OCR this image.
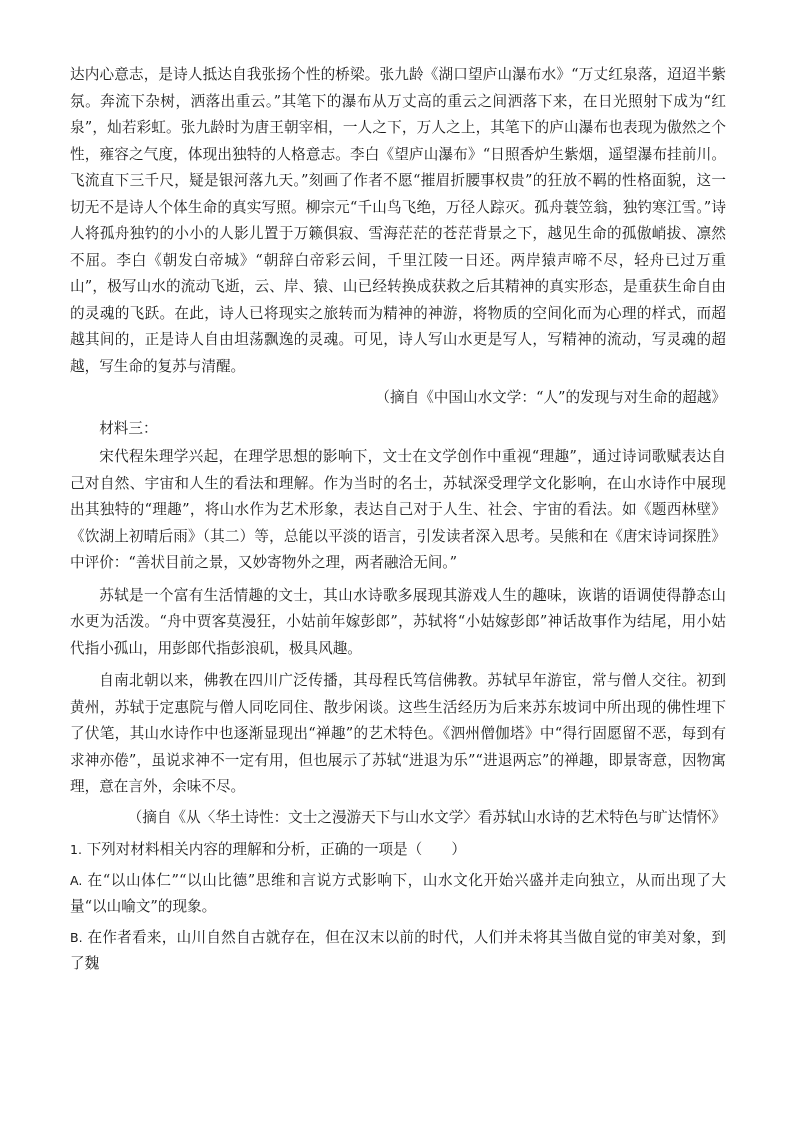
达内心意志，是诗人抵达自我张扬个性的桥梁。张九龄《湖口望庐山瀑布水》“万丈红泉落，迢迢半紫氛。奔流下杂树，洒落出重云。”其笔下的瀑布从万丈高的重云之间洒落下来，在日光照射下成为“红泉”，灿若彩虹。张九龄时为唐王朝宰相，一人之下，万人之上，其笔下的庐山瀑布也表现为傲然之个性，雍容之气度，体现出独特的人格意志。李白《望庐山瀑布》“日照香炉生紫烟，遥望瀑布挂前川。飞流直下三千尺，疑是银河落九天。”刻画了作者不愿“摧眉折腰事权贵”的狂放不羁的性格面貌，这一切无不是诗人个体生命的真实写照。柳宗元“千山鸟飞绝，万径人踪灭。孤舟蓑笠翁，独钓寒江雪。”诗人将孤舟独钓的小小的人影儿置于万籁俱寂、雪海茫茫的苍茫背景之下，越见生命的孤傲峭拔、凛然不屈。李白《朝发白帝城》“朝辞白帝彩云间，千里江陵一日还。两岸猿声啼不尽，轻舟已过万重山”，极写山水的流动飞逝，云、岸、猿、山已经转换成获救之后其精神的真实形态，是重获生命自由的灵魂的飞跃。在此，诗人已将现实之旅转而为精神的神游，将物质的空间化而为心理的样式，而超越其间的，正是诗人自由坦荡飘逸的灵魂。可见，诗人写山水更是写人，写精神的流动，写灵魂的超越，写生命的复苏与清醒。

（摘自《中国山水文学：“人”的发现与对生命的超越》

材料三：

宋代程朱理学兴起，在理学思想的影响下，文士在文学创作中重视“理趣”，通过诗词歌赋表达自己对自然、宇宙和人生的看法和理解。作为当时的名士，苏轼深受理学文化影响，在山水诗作中展现出其独特的“理趣”，将山水作为艺术形象，表达自己对于人生、社会、宇宙的看法。如《题西林壁》《饮湖上初晴后雨》（其二）等，总能以平淡的语言，引发读者深入思考。吴熊和在《唐宋诗词探胜》中评价：“善状目前之景，又妙寄物外之理，两者融洽无间。”

苏轼是一个富有生活情趣的文士，其山水诗歌多展现其游戏人生的趣味，诙谐的语调使得静态山水更为活泼。“舟中贾客莫漫狂，小姑前年嫁彭郎”，苏轼将“小姑嫁彭郎”神话故事作为结尾，用小姑代指小孤山，用彭郎代指彭浪矶，极具风趣。

自南北朝以来，佛教在四川广泛传播，其母程氏笃信佛教。苏轼早年游宦，常与僧人交往。初到黄州，苏轼于定惠院与僧人同吃同住、散步闲谈。这些生活经历为后来苏东坡词中所出现的佛性埋下了伏笔，其山水诗作中也逐渐显现出“禅趣”的艺术特色。《泗州僧伽塔》中“得行固愿留不恶，每到有求神亦倦”，虽说求神不一定有用，但也展示了苏轼“进退为乐”“进退两忘”的禅趣，即景寄意，因物寓理，意在言外，余味不尽。

（摘自《从〈华土诗性：文士之漫游天下与山水文学〉看苏轼山水诗的艺术特色与旷达情怀》

1. 下列对材料相关内容的理解和分析，正确的一项是（　　）

A. 在“以山体仁”“以山比德”思维和言说方式影响下，山水文化开始兴盛并走向独立，从而出现了大量“以山喻文”的现象。

B. 在作者看来，山川自然自古就存在，但在汉末以前的时代，人们并未将其当做自觉的审美对象，到了魏
